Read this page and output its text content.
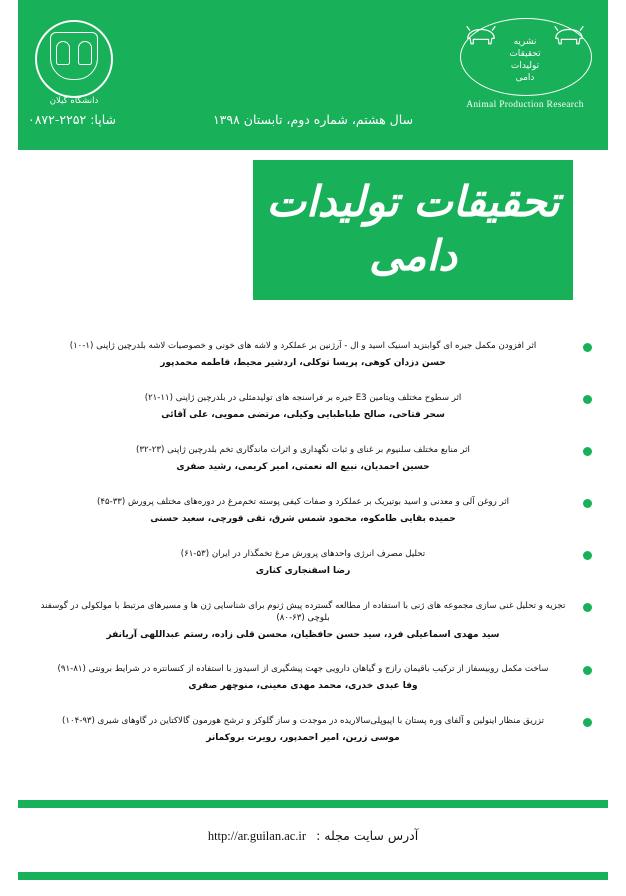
دانشگاه گیلان
نشریه
تحقیقات
تولیدات
دامی
Animal Production Research
سال هشتم، شماره دوم، تابستان ۱۳۹۸
شاپا: ۲۲۵۲-۰۸۷۲
تحقیقات تولیدات دامی
اثر افزودن مکمل جیره ای گوابنزید اسنیک اسید و ال - آرژنین بر عملکرد و لاشه های خونی و خصوصیات لاشه بلدرچین ژاپنی (۱-۱۰)
حسن دزدان کوهی، پریسا توکلی، اردشیر محیط، فاطمه محمدپور
اثر سطوح مختلف ویتامین E3 جیره بر فراسنجه های تولیدمثلی در بلدرچین ژاپنی (۱۱-۲۱)
سحر فتاحی، صالح طباطبایی وکیلی، مرتضی ممویی، علی آقائی
اثر منابع مختلف سلنیوم بر غنای و ثبات نگهداری و اثرات ماندگاری تخم بلدرچین ژاپنی (۲۳-۳۲)
حسین احمدیان، نبیع اله نعمتی، امیر کریمی، رشید صفری
اثر روغن آلی و معدنی و اسید بوتیریک بر عملکرد و صفات کیفی پوسته تخم‌مرغ در دوره‌های مختلف پرورش (۳۳-۴۵)
حمیده بقایی طامکوه، محمود شمس شرق، تقی قورچی، سعید حسنی
تحلیل مصرف انرژی واحدهای پرورش مرغ تخمگذار در ایران (۵۳-۶۱)
رضا اسفنجاری کناری
تجزیه و تحلیل غنی سازی مجموعه های ژنی با استفاده از مطالعه گسترده پیش ژنوم برای شناسایی ژن ها و مسیرهای مرتبط با مولکولی در گوسفند بلوچی (۶۳-۸۰)
سید مهدی اسماعیلی فرد، سید حسن حافظیان، محسن قلی زاده، رستم عبداللهی آریانفر
ساخت مکمل روبیسفاز از ترکیب باقیمان رازج و گیاهان دارویی جهت پیشگیری از اسیدوز با استفاده از کنسانتره در شرایط برونتی (۸۱-۹۱)
وفا عبدی‌ خدری، محمد مهدی معینی، منوچهر صفری
تزریق منظار اینولین و آلفای وره پستان با اپیوپلی‌سالاریده در موجدت و ساز گلوکز و ترشح هورمون گالاکتاین در گاوهای شیری (۹۳-۱۰۴)
موسی زرین، امیر احمدپور، رویرت بروکمانر
آدرس سایت مجله : http://ar.guilan.ac.ir
